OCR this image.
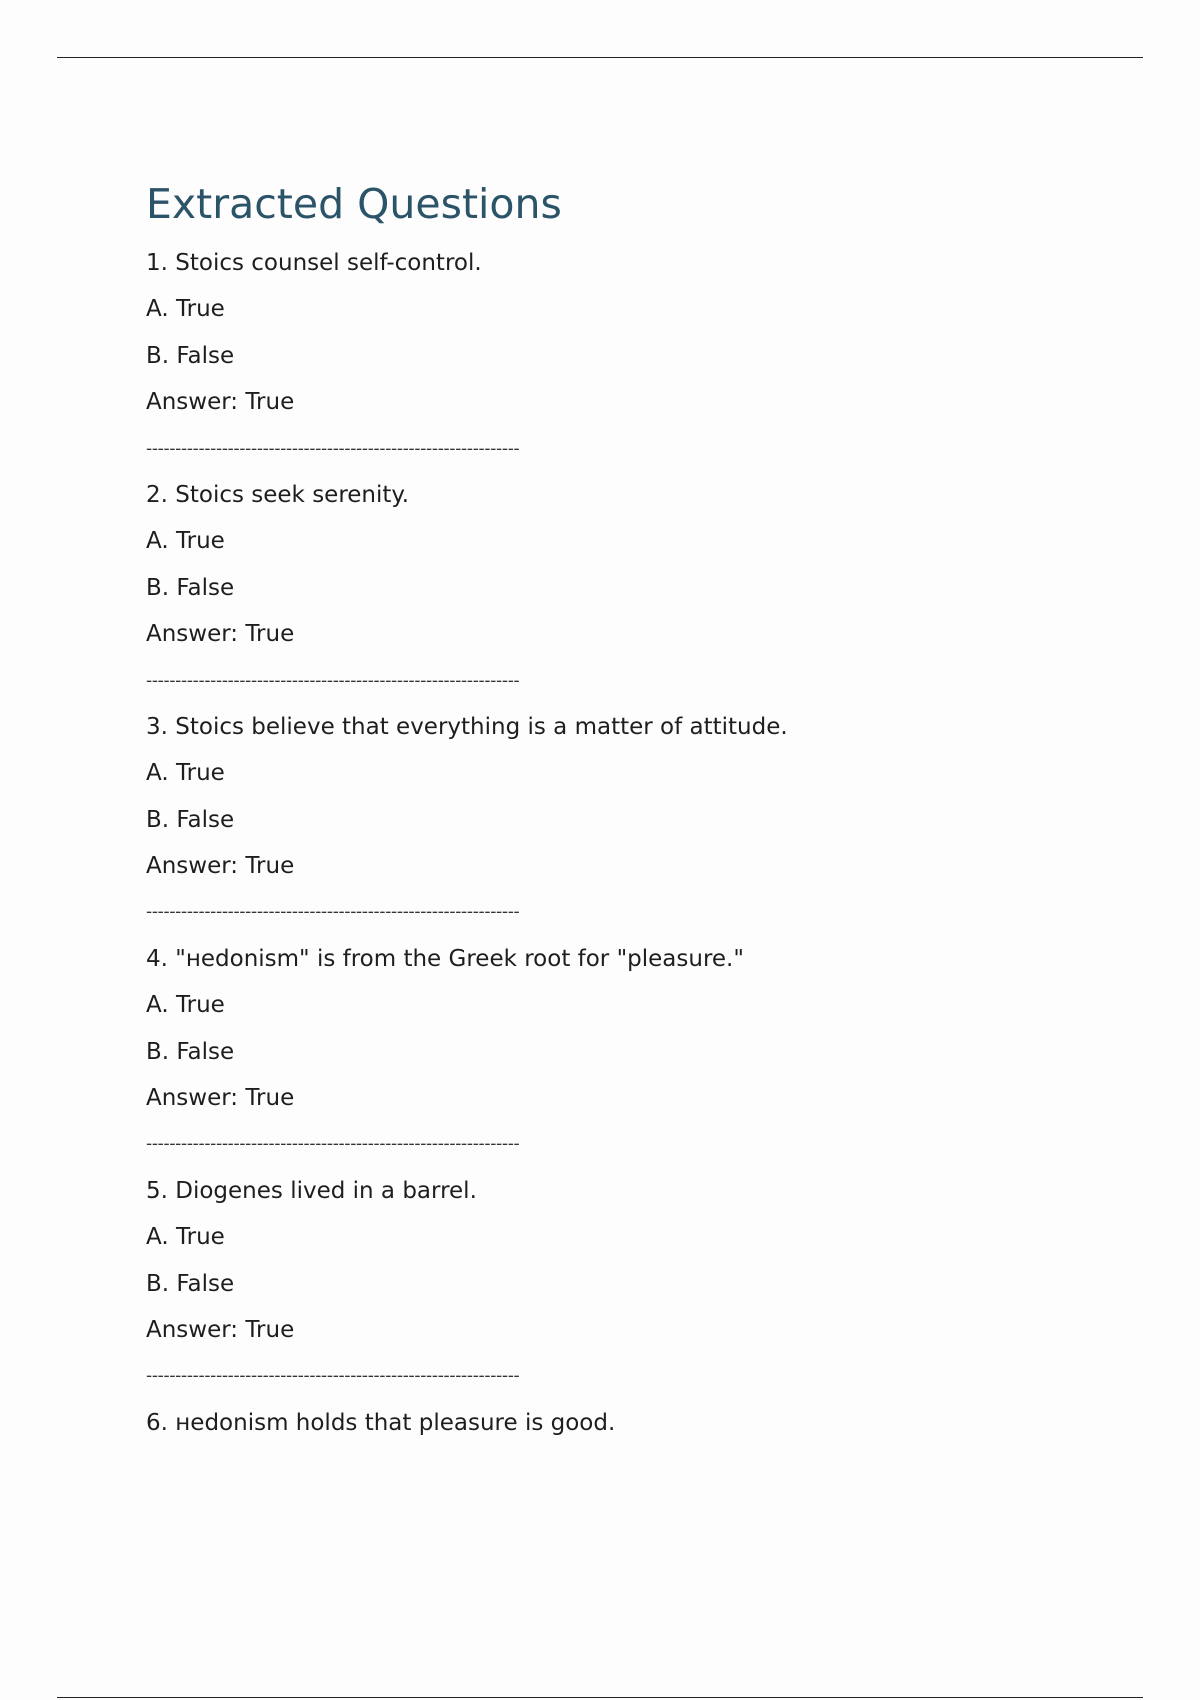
Extracted Questions
1. Stoics counsel self-control.
A. True
B. False
Answer: True
----------------------------------------------------------------
2. Stoics seek serenity.
A. True
B. False
Answer: True
----------------------------------------------------------------
3. Stoics believe that everything is a matter of attitude.
A. True
B. False
Answer: True
----------------------------------------------------------------
4. "ʜedonism" is from the Greek root for "pleasure."
A. True
B. False
Answer: True
----------------------------------------------------------------
5. Diogenes lived in a barrel.
A. True
B. False
Answer: True
----------------------------------------------------------------
6. ʜedonism holds that pleasure is good.
